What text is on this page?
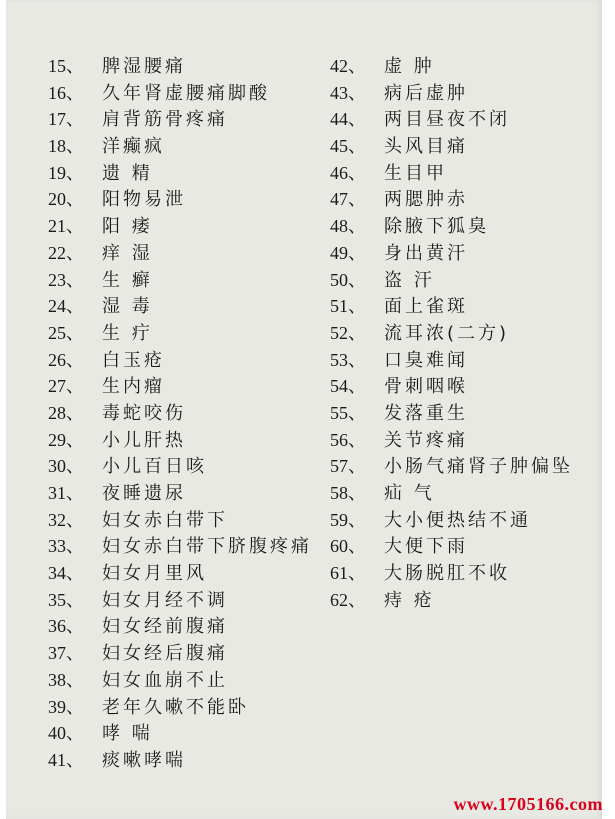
15、	脾湿腰痛
16、	久年肾虚腰痛脚酸
17、	肩背筋骨疼痛
18、	洋癫疯
19、	遗 精
20、	阳物易泄
21、	阳 痿
22、	痒 湿
23、	生 癣
24、	湿 毒
25、	生 疔
26、	白玉疮
27、	生内瘤
28、	毒蛇咬伤
29、	小儿肝热
30、	小儿百日咳
31、	夜睡遗尿
32、	妇女赤白带下
33、	妇女赤白带下脐腹疼痛
34、	妇女月里风
35、	妇女月经不调
36、	妇女经前腹痛
37、	妇女经后腹痛
38、	妇女血崩不止
39、	老年久嗽不能卧
40、	哮 喘
41、	痰嗽哮喘
42、	虚 肿
43、	病后虚肿
44、	两目昼夜不闭
45、	头风目痛
46、	生目甲
47、	两腮肿赤
48、	除腋下狐臭
49、	身出黄汗
50、	盗 汗
51、	面上雀斑
52、	流耳浓(二方)
53、	口臭难闻
54、	骨刺咽喉
55、	发落重生
56、	关节疼痛
57、	小肠气痛肾子肿偏坠
58、	疝 气
59、	大小便热结不通
60、	大便下雨
61、	大肠脱肛不收
62、	痔 疮
www.1705166.com
